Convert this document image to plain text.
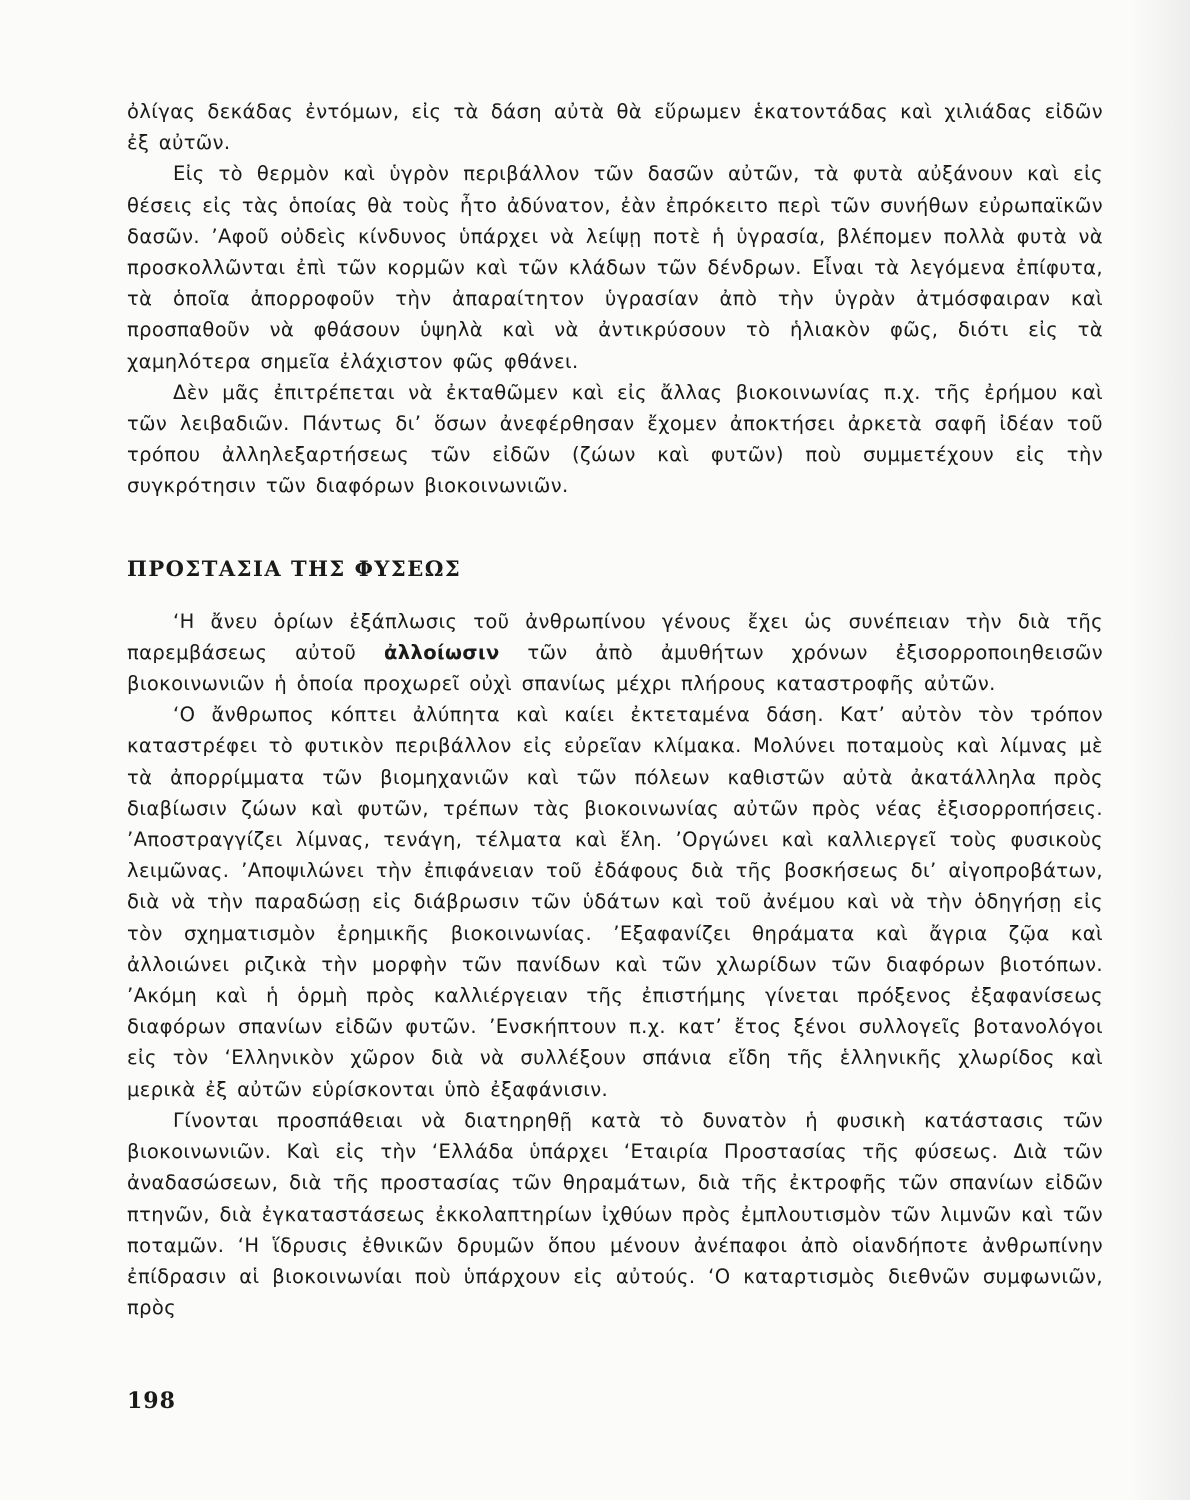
ὀλίγας δεκάδας ἐντόμων, εἰς τὰ δάση αὐτὰ θὰ εὕρωμεν ἑκατοντάδας καὶ χιλιάδας εἰδῶν ἐξ αὐτῶν.

Εἰς τὸ θερμὸν καὶ ὑγρὸν περιβάλλον τῶν δασῶν αὐτῶν, τὰ φυτὰ αὐξάνουν καὶ εἰς θέσεις εἰς τὰς ὁποίας θὰ τοὺς ἦτο ἀδύνατον, ἐὰν ἐπρόκειτο περὶ τῶν συνήθων εὐρωπαϊκῶν δασῶν. ’Αφοῦ οὐδεὶς κίνδυνος ὑπάρχει νὰ λείψῃ ποτὲ ἡ ὑγρασία, βλέπομεν πολλὰ φυτὰ νὰ προσκολλῶνται ἐπὶ τῶν κορμῶν καὶ τῶν κλάδων τῶν δένδρων. Εἶναι τὰ λεγόμενα ἐπίφυτα, τὰ ὁποῖα ἀπορροφοῦν τὴν ἀπαραίτητον ὑγρασίαν ἀπὸ τὴν ὑγρὰν ἀτμόσφαιραν καὶ προσπαθοῦν νὰ φθάσουν ὑψηλὰ καὶ νὰ ἀντικρύσουν τὸ ἡλιακὸν φῶς, διότι εἰς τὰ χαμηλότερα σημεῖα ἐλάχιστον φῶς φθάνει.

Δὲν μᾶς ἐπιτρέπεται νὰ ἐκταθῶμεν καὶ εἰς ἄλλας βιοκοινωνίας π.χ. τῆς ἐρήμου καὶ τῶν λειβαδιῶν. Πάντως δι’ ὅσων ἀνεφέρθησαν ἔχομεν ἀποκτήσει ἀρκετὰ σαφῆ ἰδέαν τοῦ τρόπου ἀλληλεξαρτήσεως τῶν εἰδῶν (ζώων καὶ φυτῶν) ποὺ συμμετέχουν εἰς τὴν συγκρότησιν τῶν διαφόρων βιοκοινωνιῶν.

ΠΡΟΣΤΑΣΙΑ ΤΗΣ ΦΥΣΕΩΣ

‘Η ἄνευ ὁρίων ἐξάπλωσις τοῦ ἀνθρωπίνου γένους ἔχει ὡς συνέπειαν τὴν διὰ τῆς παρεμβάσεως αὐτοῦ ἀλλοίωσιν τῶν ἀπὸ ἀμυθήτων χρόνων ἐξισορροποιηθεισῶν βιοκοινωνιῶν ἡ ὁποία προχωρεῖ οὐχὶ σπανίως μέχρι πλήρους καταστροφῆς αὐτῶν.

‘Ο ἄνθρωπος κόπτει ἀλύπητα καὶ καίει ἐκτεταμένα δάση. Κατ’ αὐτὸν τὸν τρόπον καταστρέφει τὸ φυτικὸν περιβάλλον εἰς εὐρεῖαν κλίμακα. Μολύνει ποταμοὺς καὶ λίμνας μὲ τὰ ἀπορρίμματα τῶν βιομηχανιῶν καὶ τῶν πόλεων καθιστῶν αὐτὰ ἀκατάλληλα πρὸς διαβίωσιν ζώων καὶ φυτῶν, τρέπων τὰς βιοκοινωνίας αὐτῶν πρὸς νέας ἐξισορροπήσεις. ’Αποστραγγίζει λίμνας, τενάγη, τέλματα καὶ ἕλη. ’Οργώνει καὶ καλλιεργεῖ τοὺς φυσικοὺς λειμῶνας. ’Αποψιλώνει τὴν ἐπιφάνειαν τοῦ ἐδάφους διὰ τῆς βοσκήσεως δι’ αἰγοπροβάτων, διὰ νὰ τὴν παραδώσῃ εἰς διάβρωσιν τῶν ὑδάτων καὶ τοῦ ἀνέμου καὶ νὰ τὴν ὁδηγήσῃ εἰς τὸν σχηματισμὸν ἐρημικῆς βιοκοινωνίας. ’Εξαφανίζει θηράματα καὶ ἄγρια ζῷα καὶ ἀλλοιώνει ριζικὰ τὴν μορφὴν τῶν πανίδων καὶ τῶν χλωρίδων τῶν διαφόρων βιοτόπων. ’Ακόμη καὶ ἡ ὁρμὴ πρὸς καλλιέργειαν τῆς ἐπιστήμης γίνεται πρόξενος ἐξαφανίσεως διαφόρων σπανίων εἰδῶν φυτῶν. ’Ενσκήπτουν π.χ. κατ’ ἔτος ξένοι συλλογεῖς βοτανολόγοι εἰς τὸν ‘Ελληνικὸν χῶρον διὰ νὰ συλλέξουν σπάνια εἴδη τῆς ἑλληνικῆς χλωρίδος καὶ μερικὰ ἐξ αὐτῶν εὑρίσκονται ὑπὸ ἐξαφάνισιν.

Γίνονται προσπάθειαι νὰ διατηρηθῇ κατὰ τὸ δυνατὸν ἡ φυσικὴ κατάστασις τῶν βιοκοινωνιῶν. Καὶ εἰς τὴν ‘Ελλάδα ὑπάρχει ‘Εταιρία Προστασίας τῆς φύσεως. Διὰ τῶν ἀναδασώσεων, διὰ τῆς προστασίας τῶν θηραμάτων, διὰ τῆς ἐκτροφῆς τῶν σπανίων εἰδῶν πτηνῶν, διὰ ἐγκαταστάσεως ἐκκολαπτηρίων ἰχθύων πρὸς ἐμπλουτισμὸν τῶν λιμνῶν καὶ τῶν ποταμῶν. ‘Η ἵδρυσις ἐθνικῶν δρυμῶν ὅπου μένουν ἀνέπαφοι ἀπὸ οἱανδήποτε ἀνθρωπίνην ἐπίδρασιν αἱ βιοκοινωνίαι ποὺ ὑπάρχουν εἰς αὐτούς. ‘Ο καταρτισμὸς διεθνῶν συμφωνιῶν, πρὸς

198
